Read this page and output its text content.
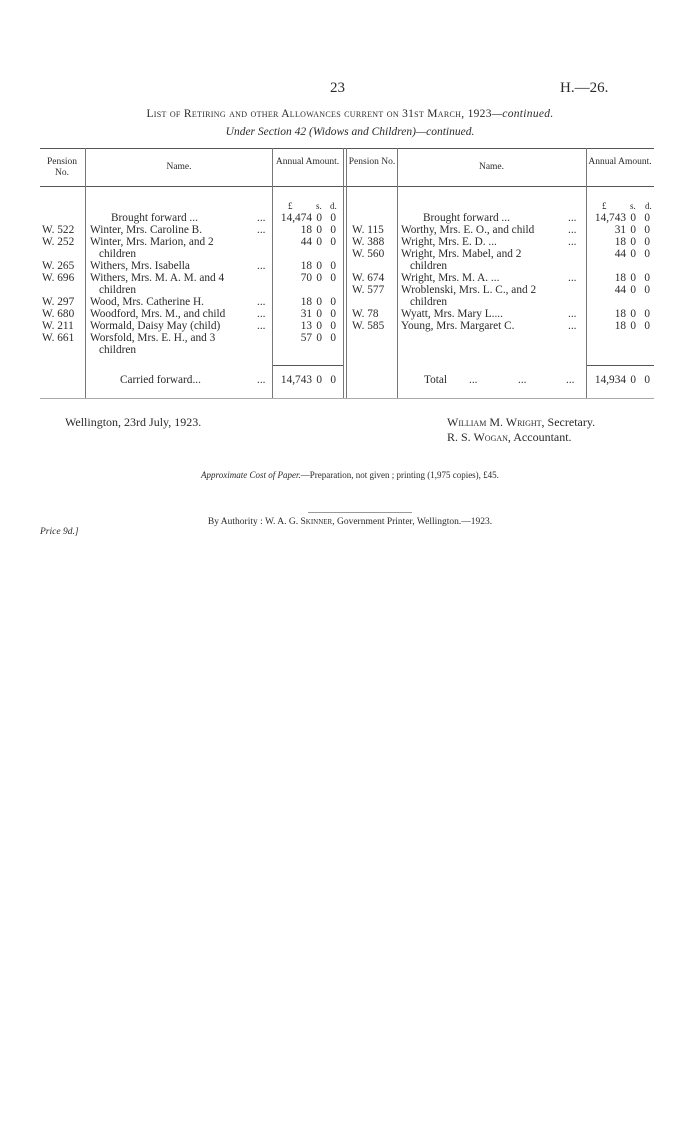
23	H.—26.
List of Retiring and other Allowances current on 31st March, 1923—continued.
Under Section 42 (Widows and Children)—continued.
Pension No.
Name.	Annual Amount.	Pension No.	Name.	Annual Amount.
£	s. d.	£	s. d.
Brought forward ...	...	14,474 0 0
W. 522 Winter, Mrs. Caroline B.	...	18 0 0
W. 252 Winter, Mrs. Marion, and 2	44 0 0
children
W. 265 Withers, Mrs. Isabella	...	18 0 0
W. 696 Withers, Mrs. M. A. M. and 4	70 0 0
children
W. 297 Wood, Mrs. Catherine H.	...	18 0 0
W. 680 Woodford, Mrs. M., and child	...	31 0 0
W. 211 Wormald, Daisy May (child)	...	13 0 0
W. 661 Worsfold, Mrs. E. H., and 3	57 0 0
children
Carried forward...	...	14,743 0 0
Brought forward ...	...	14,743 0 0
W. 115 Worthy, Mrs. E. O., and child	...	31 0 0
W. 388 Wright, Mrs. E. D. ...	...	18 0 0
W. 560 Wright, Mrs. Mabel, and 2	44 0 0
children
W. 674 Wright, Mrs. M. A. ...	...	18 0 0
W. 577 Wroblenski, Mrs. L. C., and 2	44 0 0
children
W. 78 Wyatt, Mrs. Mary L....	...	18 0 0
W. 585 Young, Mrs. Margaret C.	...	18 0 0
Total ...	...	...	14,934 0 0
Wellington, 23rd July, 1923.	William M. Wright, Secretary.
R. S. Wogan, Accountant.
Approximate Cost of Paper.—Preparation, not given ; printing (1,975 copies), £45.
By Authority : W. A. G. Skinner, Government Printer, Wellington.—1923.
Price 9d.]
